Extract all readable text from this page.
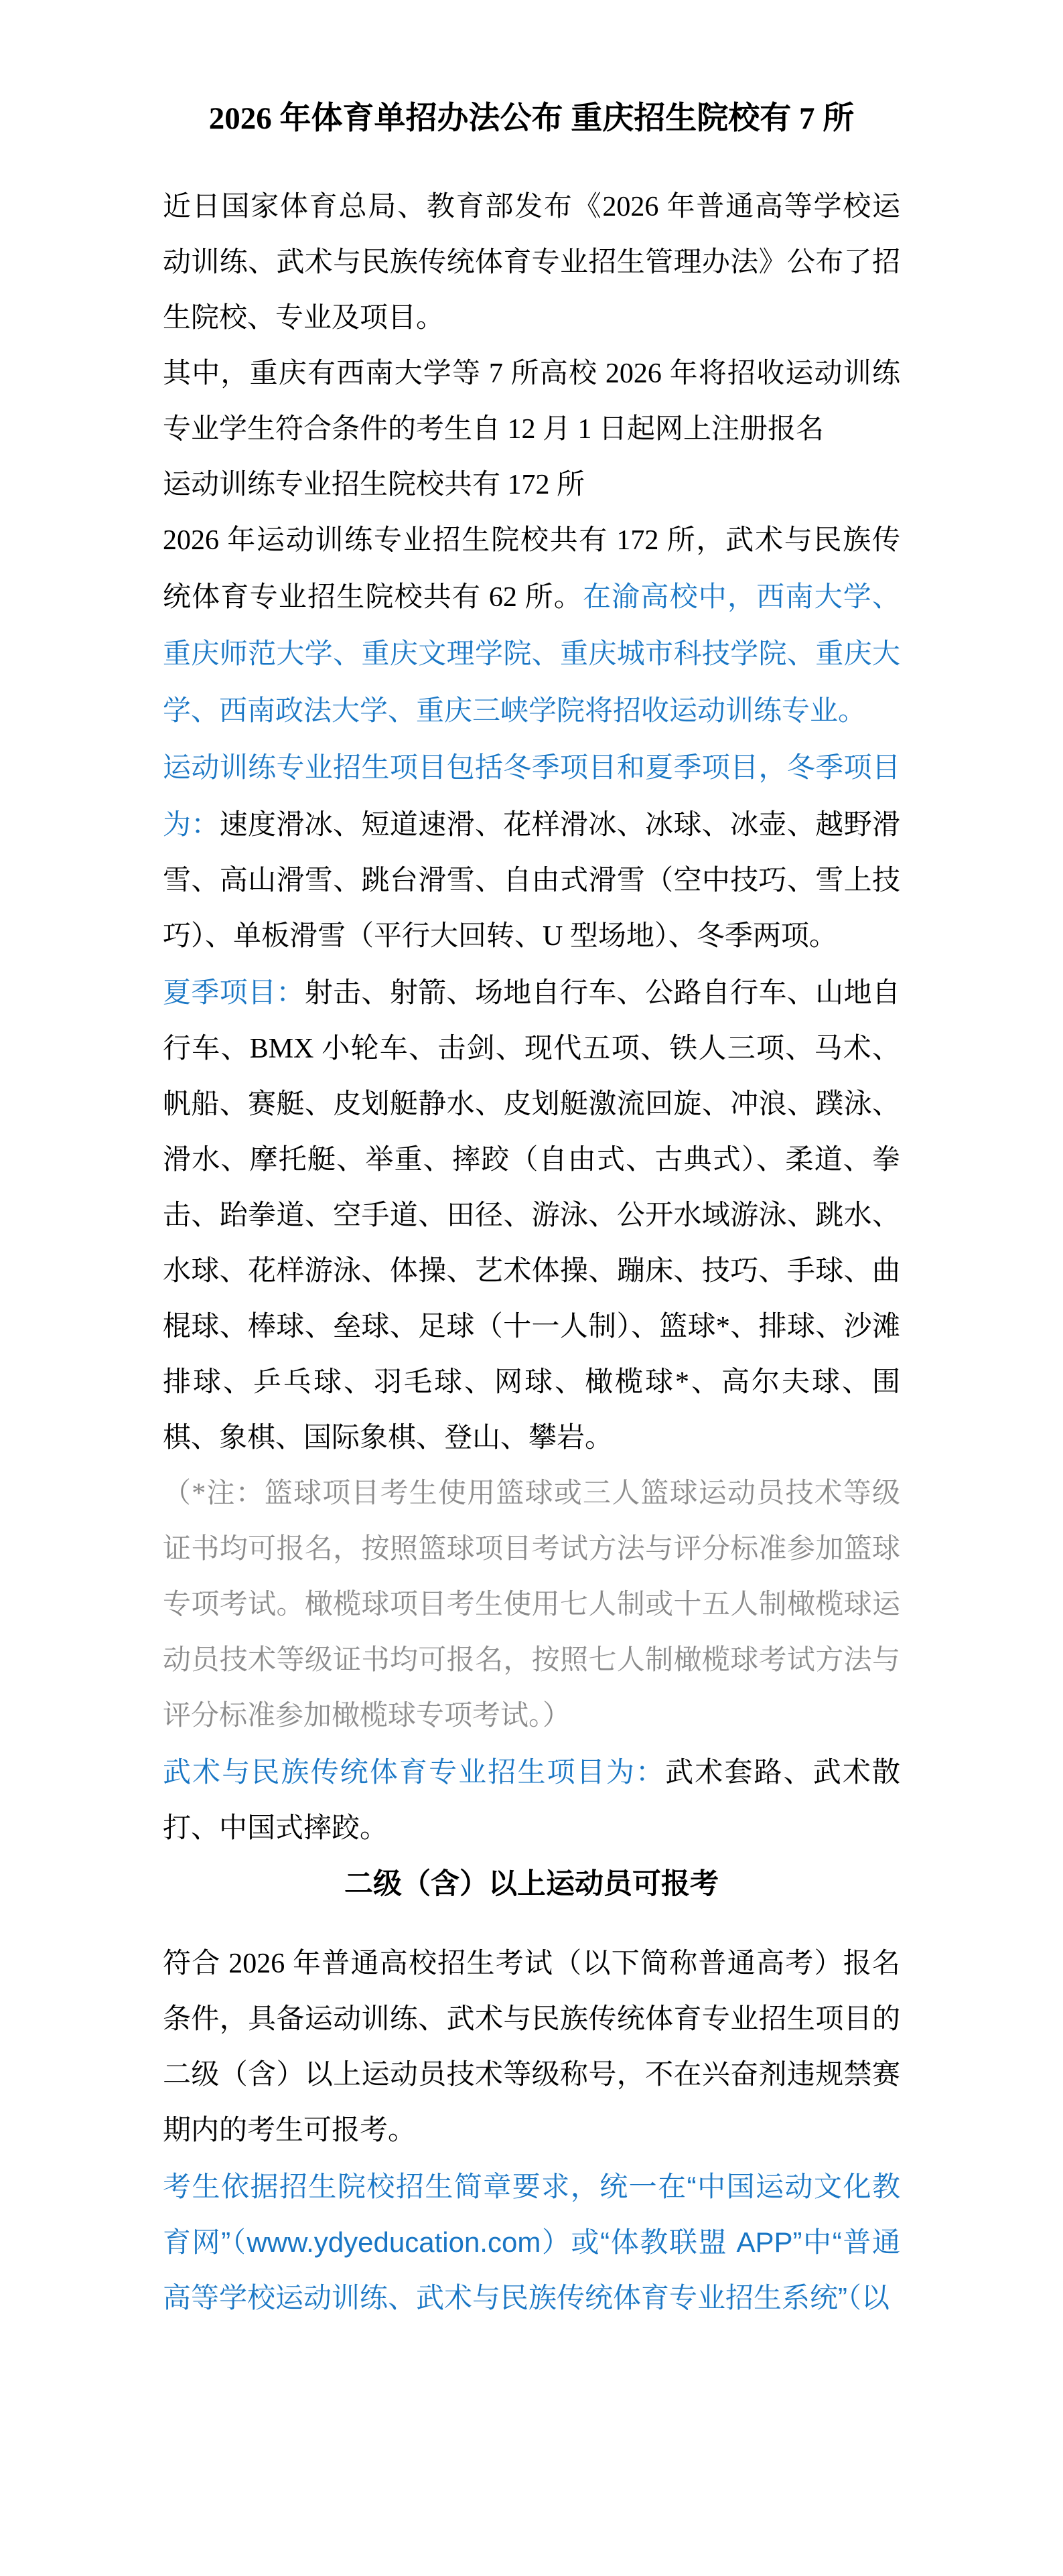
2026 年体育单招办法公布 重庆招生院校有 7 所

近日国家体育总局、教育部发布《2026 年普通高等学校运动训练、武术与民族传统体育专业招生管理办法》公布了招生院校、专业及项目。

其中，重庆有西南大学等 7 所高校 2026 年将招收运动训练专业学生符合条件的考生自 12 月 1 日起网上注册报名

运动训练专业招生院校共有 172 所

2026 年运动训练专业招生院校共有 172 所，武术与民族传统体育专业招生院校共有 62 所。在渝高校中，西南大学、重庆师范大学、重庆文理学院、重庆城市科技学院、重庆大学、西南政法大学、重庆三峡学院将招收运动训练专业。

运动训练专业招生项目包括冬季项目和夏季项目，冬季项目为：速度滑冰、短道速滑、花样滑冰、冰球、冰壶、越野滑雪、高山滑雪、跳台滑雪、自由式滑雪（空中技巧、雪上技巧）、单板滑雪（平行大回转、U 型场地）、冬季两项。

夏季项目：射击、射箭、场地自行车、公路自行车、山地自行车、BMX 小轮车、击剑、现代五项、铁人三项、马术、帆船、赛艇、皮划艇静水、皮划艇激流回旋、冲浪、蹼泳、滑水、摩托艇、举重、摔跤（自由式、古典式）、柔道、拳击、跆拳道、空手道、田径、游泳、公开水域游泳、跳水、水球、花样游泳、体操、艺术体操、蹦床、技巧、手球、曲棍球、棒球、垒球、足球（十一人制）、篮球*、排球、沙滩排球、乒乓球、羽毛球、网球、橄榄球*、高尔夫球、围棋、象棋、国际象棋、登山、攀岩。

（*注：篮球项目考生使用篮球或三人篮球运动员技术等级证书均可报名，按照篮球项目考试方法与评分标准参加篮球专项考试。橄榄球项目考生使用七人制或十五人制橄榄球运动员技术等级证书均可报名，按照七人制橄榄球考试方法与评分标准参加橄榄球专项考试。）

武术与民族传统体育专业招生项目为：武术套路、武术散打、中国式摔跤。

二级（含）以上运动员可报考

符合 2026 年普通高校招生考试（以下简称普通高考）报名条件，具备运动训练、武术与民族传统体育专业招生项目的二级（含）以上运动员技术等级称号，不在兴奋剂违规禁赛期内的考生可报考。

考生依据招生院校招生简章要求，统一在“中国运动文化教育网”（www.ydyeducation.com）或“体教联盟 APP”中“普通高等学校运动训练、武术与民族传统体育专业招生系统”（以
